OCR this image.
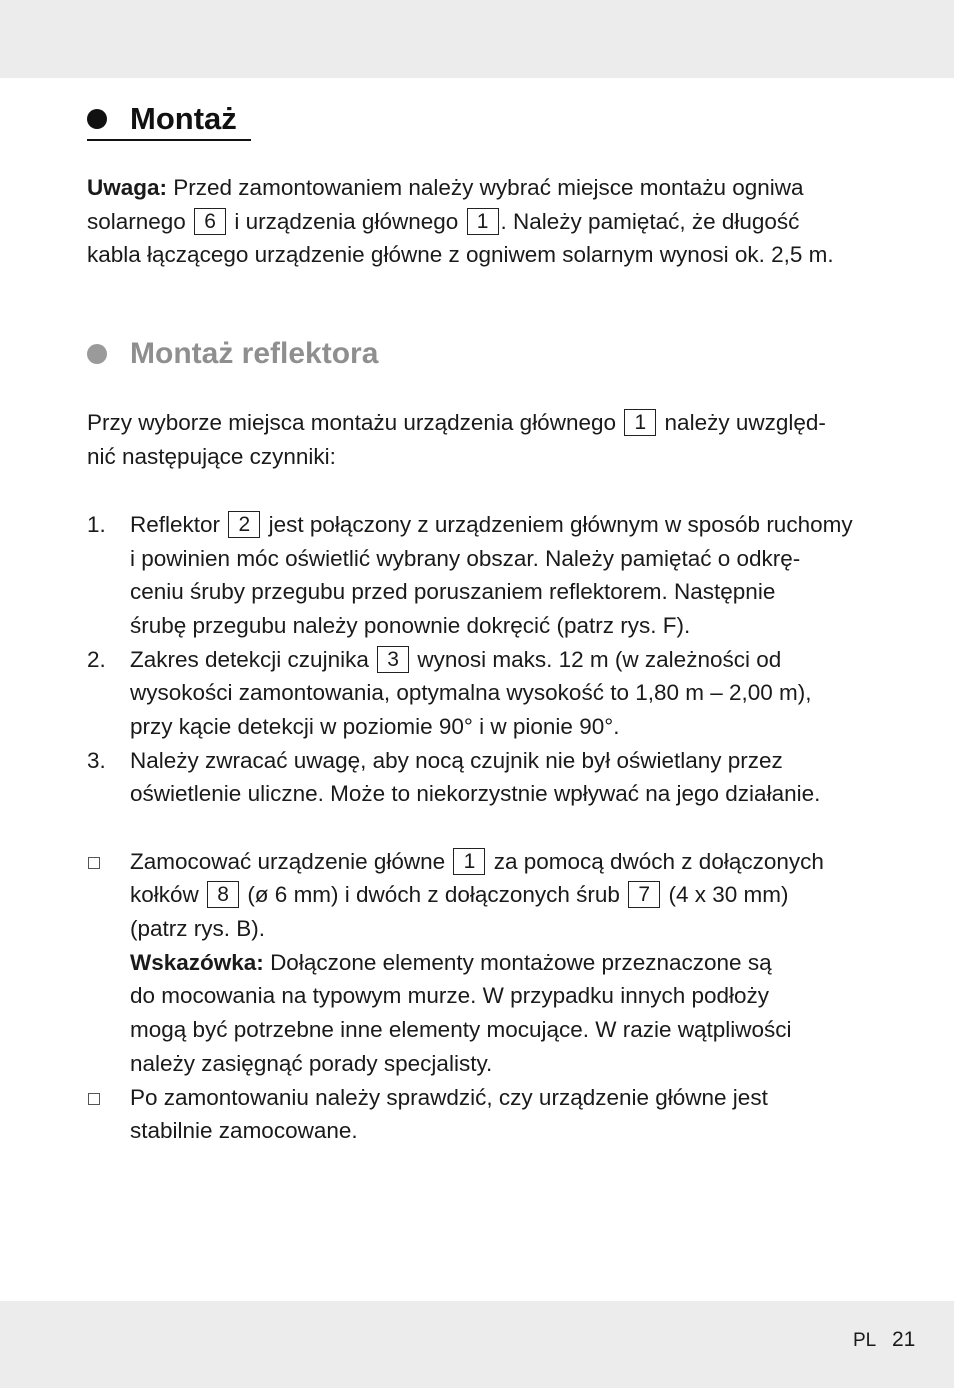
Montaż

Uwaga: Przed zamontowaniem należy wybrać miejsce montażu ogniwa

solarnego 6 i urządzenia głównego 1 . Należy pamiętać, że długość

kabla łączącego urządzenie główne z ogniwem solarnym wynosi ok. 2,5 m.

Montaż reflektora

Przy wyborze miejsca montażu urządzenia głównego 1 należy uwzględ-

nić następujące czynniki:

1. Reflektor 2 jest połączony z urządzeniem głównym w sposób ruchomy

i powinien móc oświetlić wybrany obszar. Należy pamiętać o odkrę-

ceniu śruby przegubu przed poruszaniem reflektorem. Następnie

śrubę przegubu należy ponownie dokręcić (patrz rys. F).

2. Zakres detekcji czujnika 3 wynosi maks. 12 m (w zależności od

wysokości zamontowania, optymalna wysokość to 1,80 m – 2,00 m),

przy kącie detekcji w poziomie 90° i w pionie 90°.

3. Należy zwracać uwagę, aby nocą czujnik nie był oświetlany przez

oświetlenie uliczne. Może to niekorzystnie wpływać na jego działanie.

Zamocować urządzenie główne 1 za pomocą dwóch z dołączonych

kołków 8 (ø 6 mm) i dwóch z dołączonych śrub 7 (4 x 30 mm)

(patrz rys. B).

Wskazówka: Dołączone elementy montażowe przeznaczone są

do mocowania na typowym murze. W przypadku innych podłoży

mogą być potrzebne inne elementy mocujące. W razie wątpliwości

należy zasięgnąć porady specjalisty.

Po zamontowaniu należy sprawdzić, czy urządzenie główne jest

stabilnie zamocowane.

PL 21
